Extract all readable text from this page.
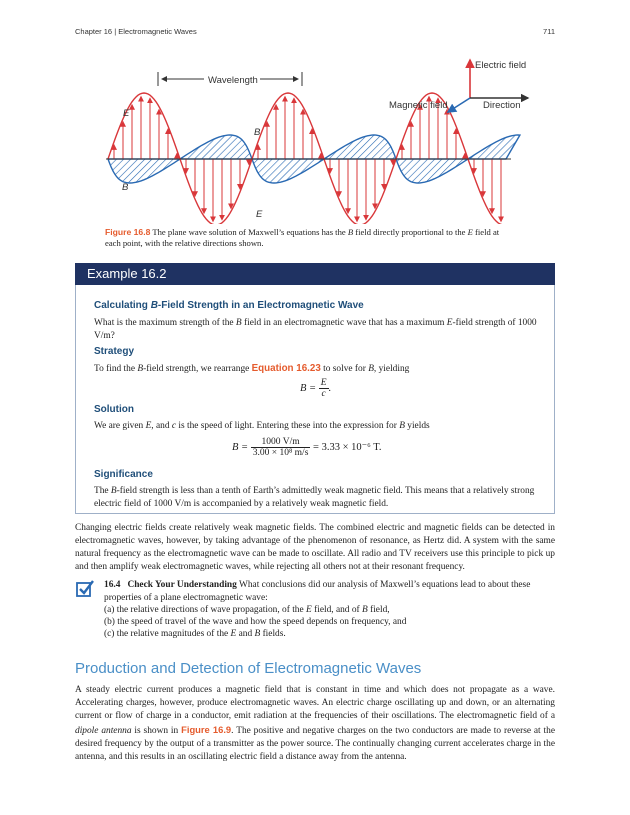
Chapter 16 | Electromagnetic Waves	711
Wavelength
E
E
B
B
Electric field
Magnetic field	Direction
Figure 16.8 The plane wave solution of Maxwell’s equations has the B field directly proportional to the E field at each point, with the relative directions shown.
Example 16.2
Calculating B-Field Strength in an Electromagnetic Wave
What is the maximum strength of the B field in an electromagnetic wave that has a maximum E-field strength of 1000 V/m?
Strategy
To find the B-field strength, we rearrange Equation 16.23 to solve for B, yielding
$B = \frac{E}{c}$ .
Solution
We are given E, and c is the speed of light. Entering these into the expression for B yields
$B = \frac{1000 V/m}{\text{3.00 × 10⁸ m/s}} = 3.33 \times 10^{-6}$ T.
Significance
The B-field strength is less than a tenth of Earth’s admittedly weak magnetic field. This means that a relatively strong electric field of 1000 V/m is accompanied by a relatively weak magnetic field.
Changing electric fields create relatively weak magnetic fields. The combined electric and magnetic fields can be detected in electromagnetic waves, however, by taking advantage of the phenomenon of resonance, as Hertz did. A system with the same natural frequency as the electromagnetic wave can be made to oscillate. All radio and TV receivers use this principle to pick up and then amplify weak electromagnetic waves, while rejecting all others not at their resonant frequency.
16.4 Check Your Understanding What conclusions did our analysis of Maxwell’s equations lead to about these properties of a plane electromagnetic wave:
(a) the relative directions of wave propagation, of the E field, and of B field,
(b) the speed of travel of the wave and how the speed depends on frequency, and
(c) the relative magnitudes of the E and B fields.
Production and Detection of Electromagnetic Waves
A steady electric current produces a magnetic field that is constant in time and which does not propagate as a wave. Accelerating charges, however, produce electromagnetic waves. An electric charge oscillating up and down, or an alternating current or flow of charge in a conductor, emit radiation at the frequencies of their oscillations. The electromagnetic field of a dipole antenna is shown in Figure 16.9. The positive and negative charges on the two conductors are made to reverse at the desired frequency by the output of a transmitter as the power source. The continually changing current accelerates charge in the antenna, and this results in an oscillating electric field a distance away from the antenna.
